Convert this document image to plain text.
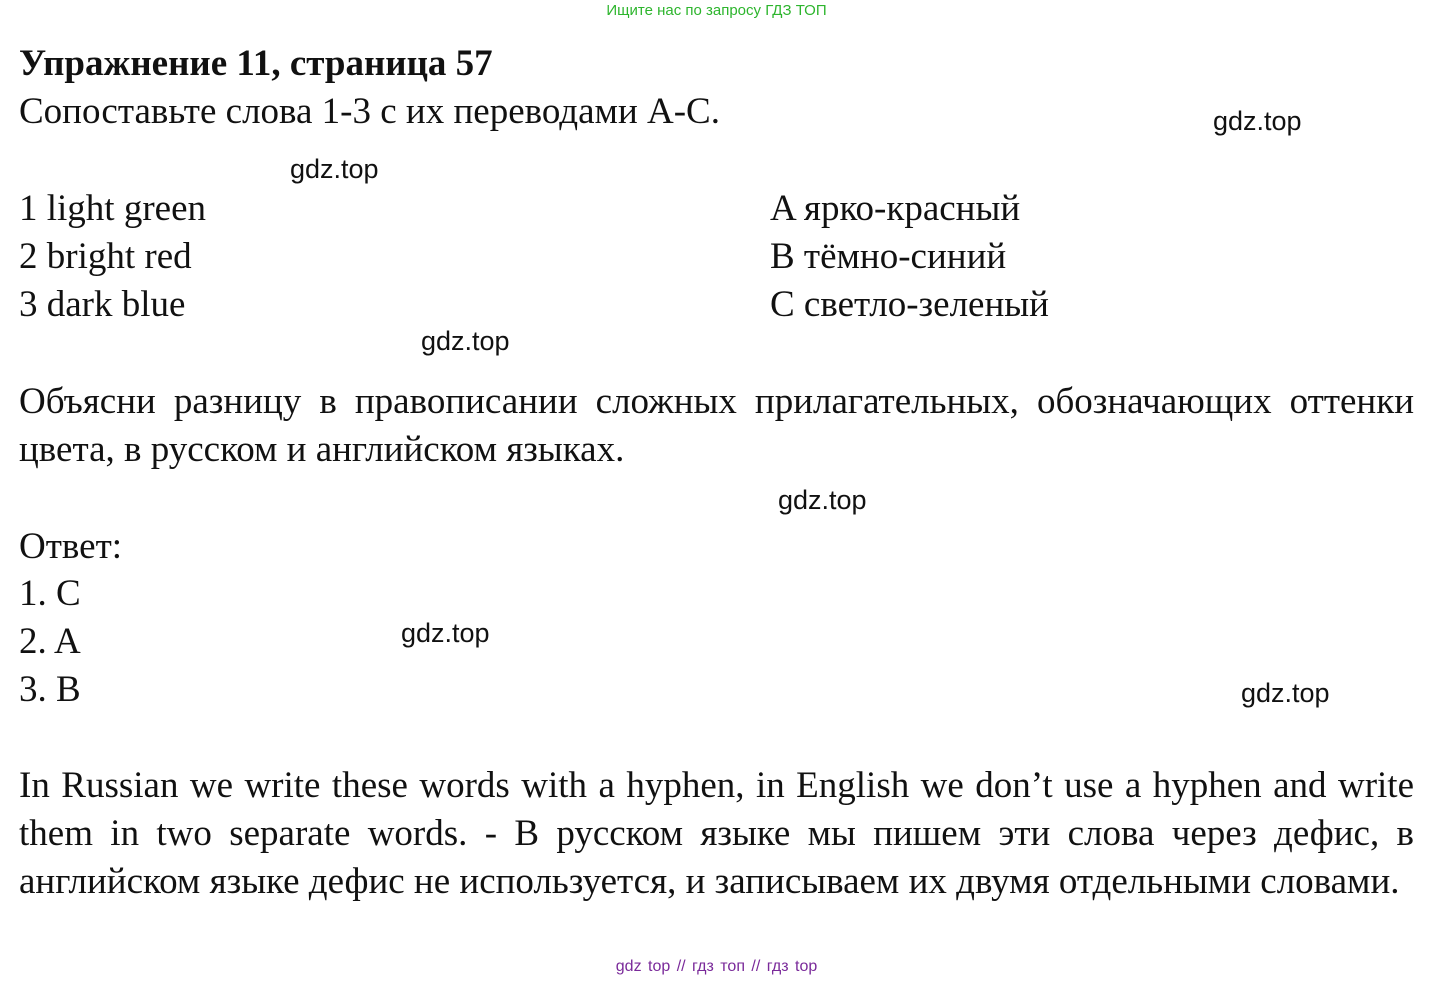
Ищите нас по запросу ГДЗ ТОП
Упражнение 11, страница 57
Сопоставьте слова 1-3 с их переводами A-C.	gdz.top
gdz.top
1 light green
2 bright red
3 dark blue
A ярко-красный
B тёмно-синий
C светло-зеленый
gdz.top
Объясни разницу в правописании сложных прилагательных, обозначающих оттенки цвета, в русском и английском языках.
gdz.top
Ответ:
1. C
2. A
3. B
gdz.top
gdz.top
In Russian we write these words with a hyphen, in English we don’t use a hyphen and write them in two separate words. - В русском языке мы пишем эти слова через дефис, в английском языке дефис не используется, и записываем их двумя отдельными словами.
gdz top // гдз топ // гдз top
